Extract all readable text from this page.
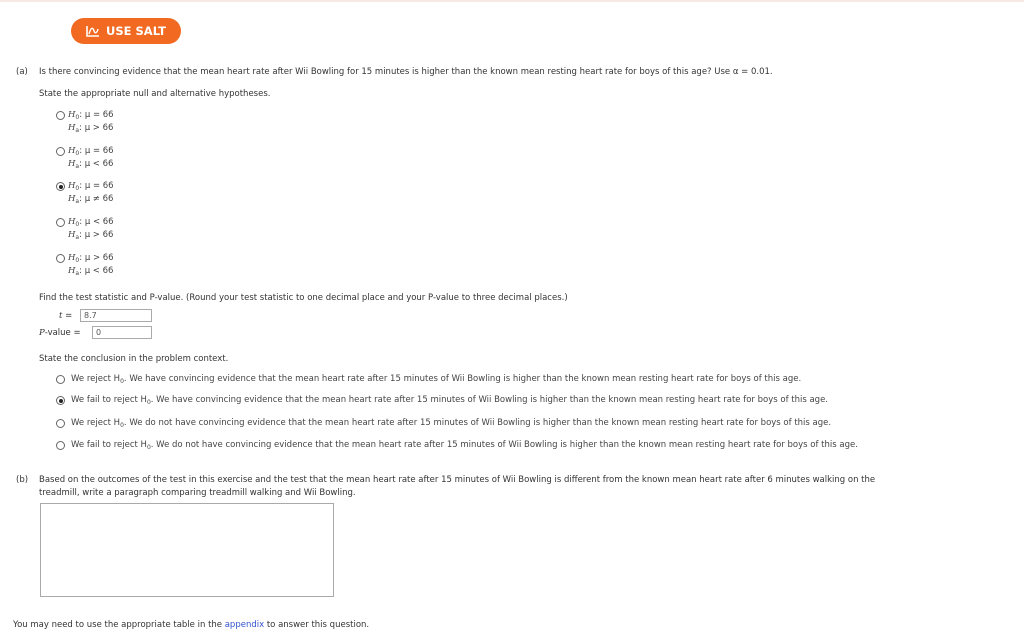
USE SALT
(a) Is there convincing evidence that the mean heart rate after Wii Bowling for 15 minutes is higher than the known mean resting heart rate for boys of this age? Use α = 0.01.
State the appropriate null and alternative hypotheses.
$H_0$: μ = 66
$H_a$: μ > 66
$H_0$: μ = 66
$H_a$: μ < 66
$H_0$: μ = 66
$H_a$: μ ≠ 66
$H_0$: μ < 66
$H_a$: μ > 66
$H_0$: μ > 66
$H_a$: μ < 66
Find the test statistic and P-value. (Round your test statistic to one decimal place and your P-value to three decimal places.)
t =	8.7
P-value =	0
State the conclusion in the problem context.
We reject $H_0$. We have convincing evidence that the mean heart rate after 15 minutes of Wii Bowling is higher than the known mean resting heart rate for boys of this age.
We fail to reject $H_0$. We have convincing evidence that the mean heart rate after 15 minutes of Wii Bowling is higher than the known mean resting heart rate for boys of this age.
We reject $H_0$. We do not have convincing evidence that the mean heart rate after 15 minutes of Wii Bowling is higher than the known mean resting heart rate for boys of this age.
We fail to reject $H_0$. We do not have convincing evidence that the mean heart rate after 15 minutes of Wii Bowling is higher than the known mean resting heart rate for boys of this age.
(b) Based on the outcomes of the test in this exercise and the test that the mean heart rate after 15 minutes of Wii Bowling is different from the known mean heart rate after 6 minutes walking on the
treadmill, write a paragraph comparing treadmill walking and Wii Bowling.
You may need to use the appropriate table in the appendix to answer this question.
